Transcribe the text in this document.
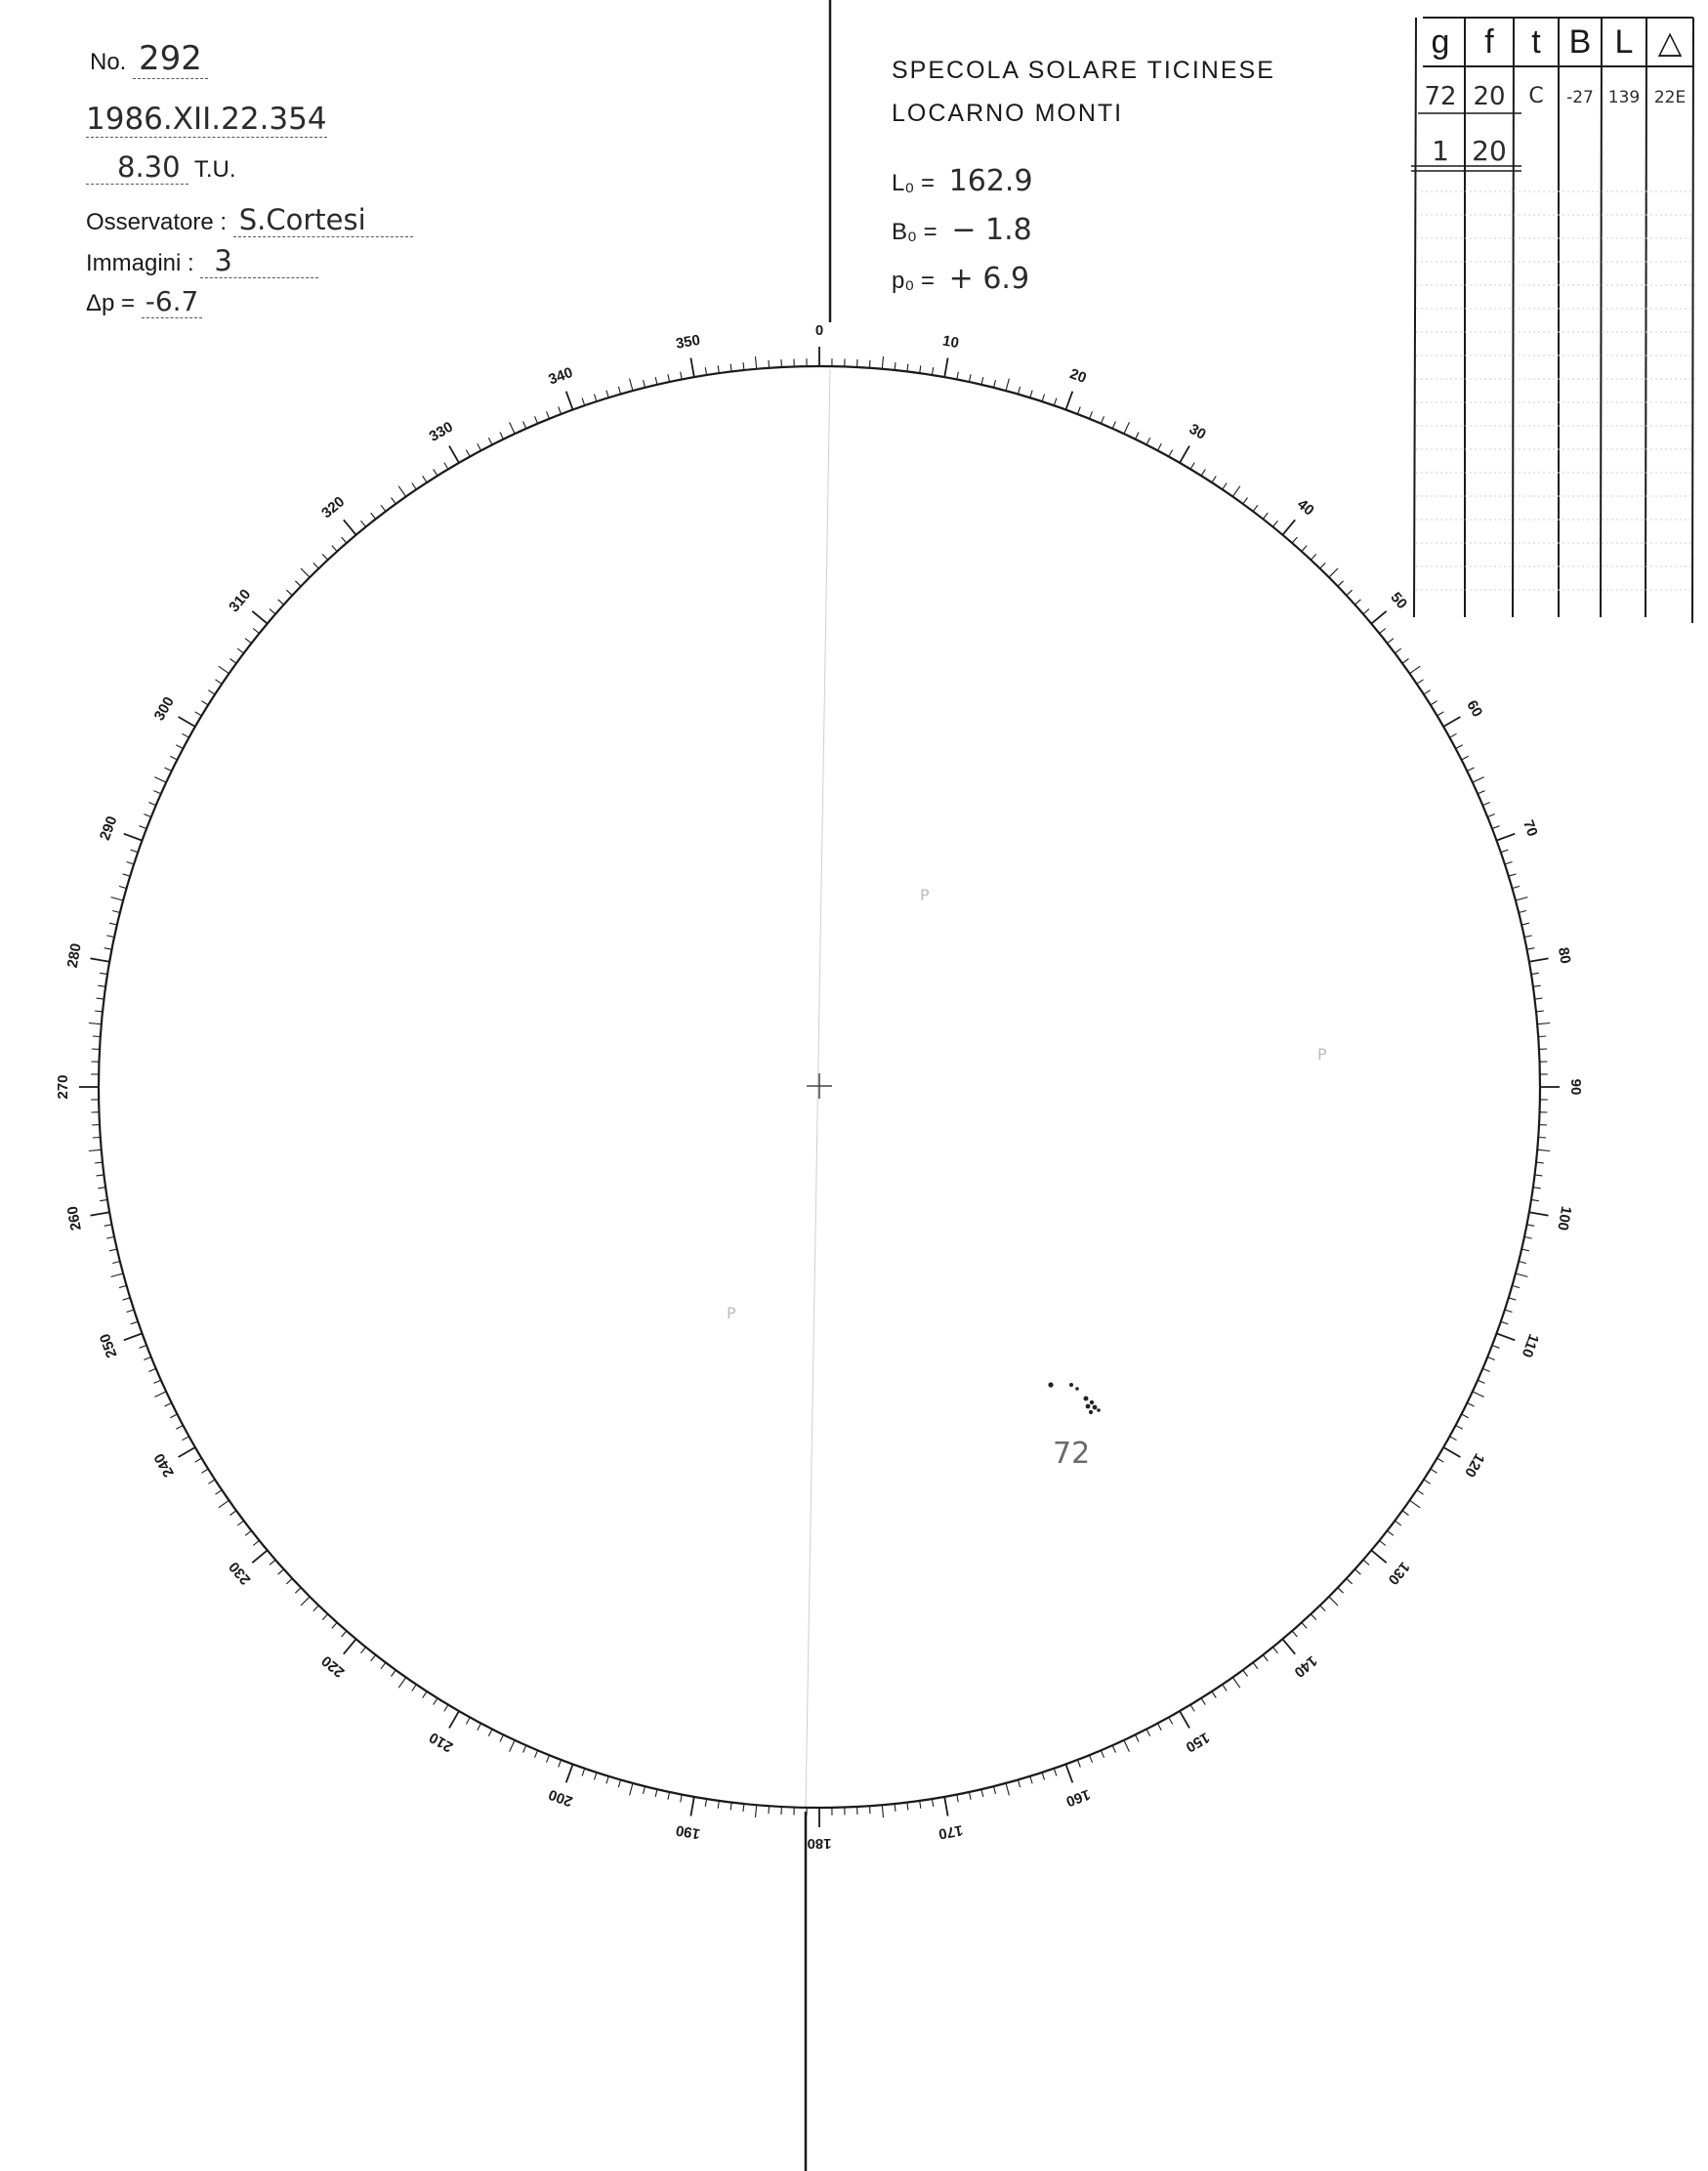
0
10
20
30
40
50
60
70
80
90
100
110
120
130
140
150
160
170
180
190
200
210
220
230
240
250
260
270
280
290
300
310
320
330
340
350
72
P
P
P
No. 292
1986.XII.22.354
8.30 T.U.
Osservatore : S.Cortesi
Immagini : 3
Δp = -6.7
SPECOLA SOLARE TICINESE
LOCARNO MONTI
L₀ = 162.9
B₀ = − 1.8
p₀ = + 6.9
g	f	t B L △
72 20	C	-27 139 22E
1 20
